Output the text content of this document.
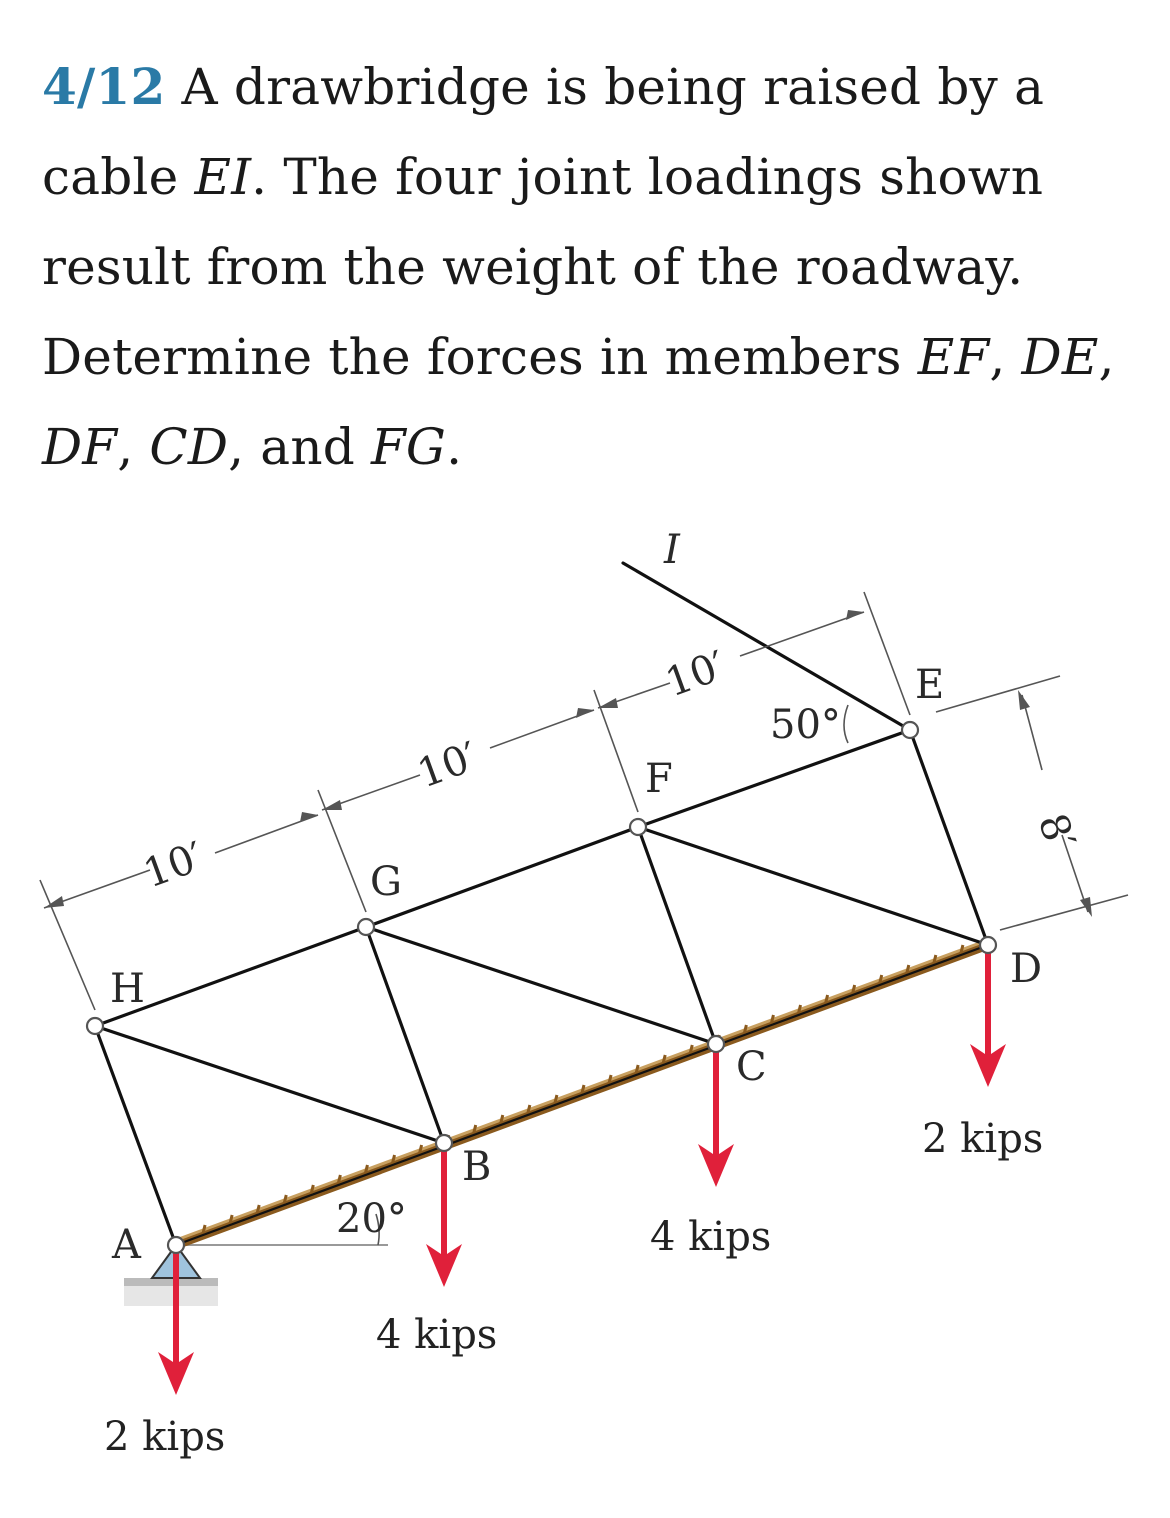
4/12 A drawbridge is being raised by a cable EI. The four joint loadings shown result from the weight of the roadway. Determine the forces in members EF, DE, DF, CD, and FG.
H
G
F
E
A
B
C
D
I
10′
10′
10′
8′
50°
20°
2 kips
4 kips
4 kips
2 kips
